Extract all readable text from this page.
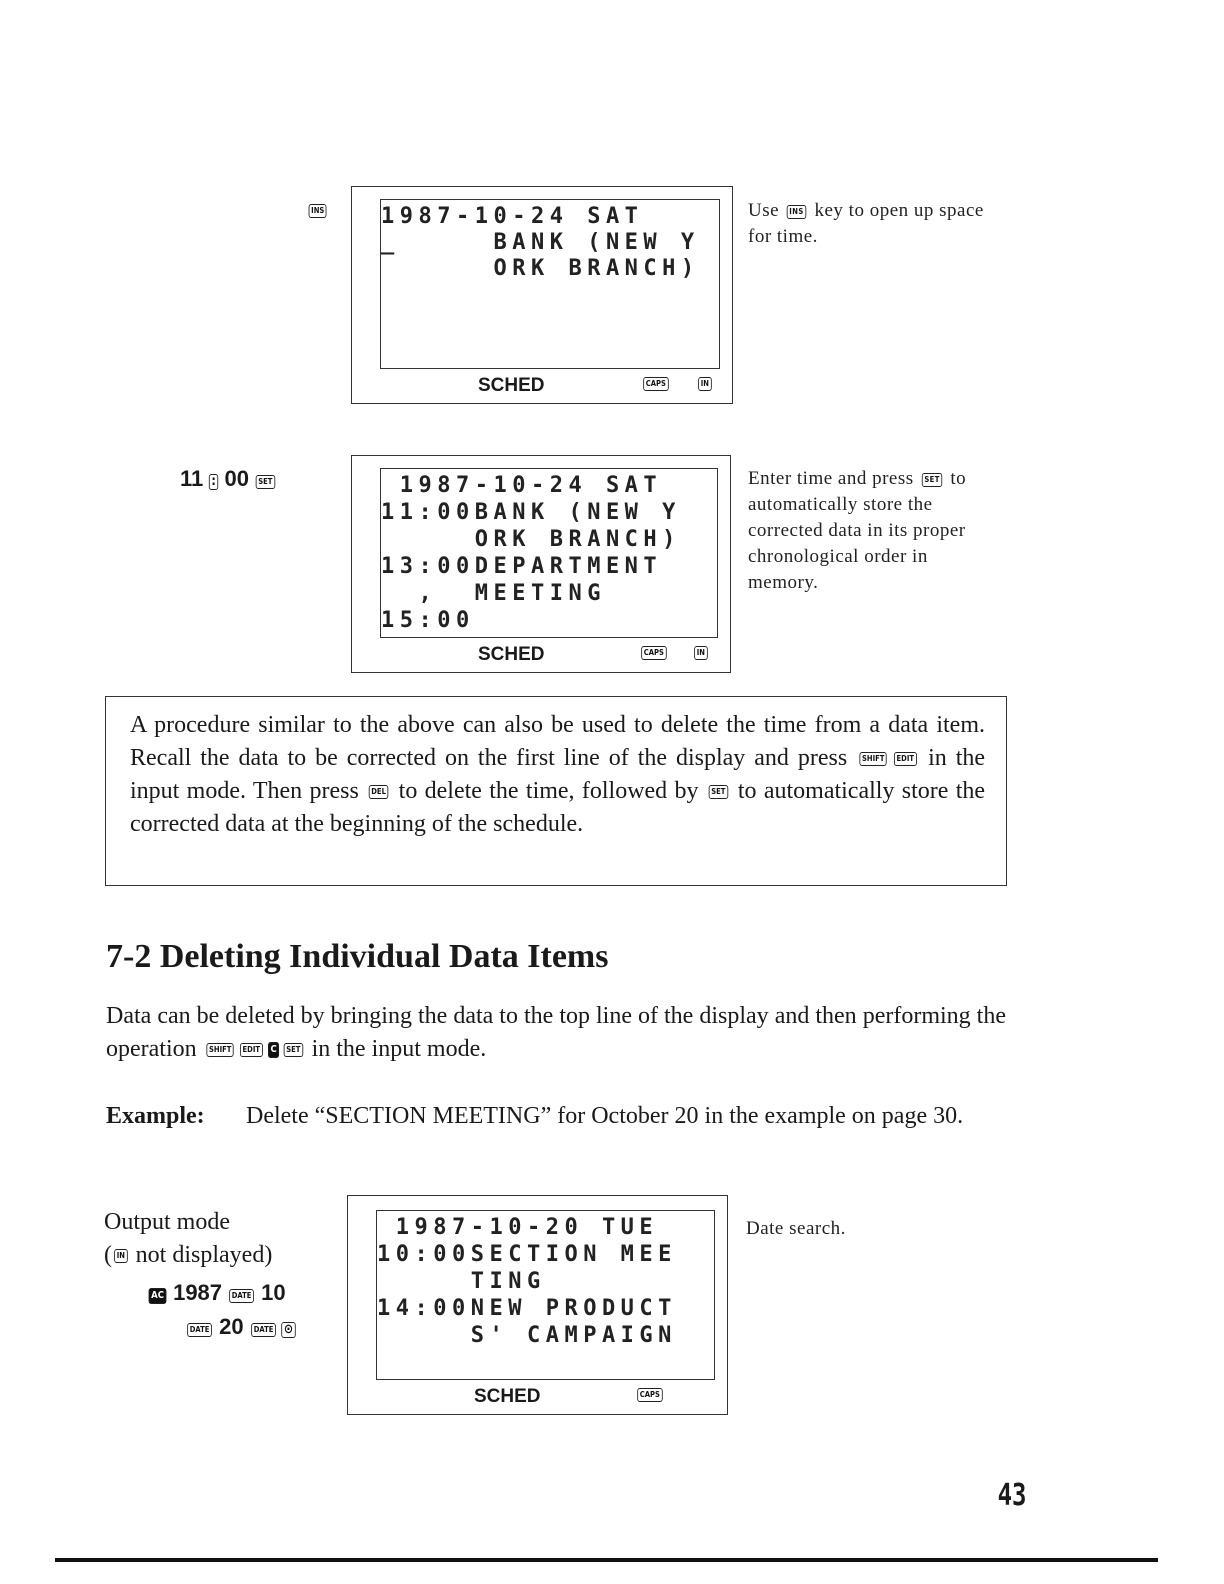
INS	1987-10-24 SAT
_     BANK (NEW Y
ORK BRANCH)
SCHED	CAPS	IN
Use INS key to open up space for time.
11 : 00 SET	1987-10-24 SAT
11:00BANK (NEW Y
ORK BRANCH)
13:00DEPARTMENT
,  MEETING
15:00
SCHED	CAPS	IN
Enter time and press SET to automatically store the corrected data in its proper chronological order in memory.
A procedure similar to the above can also be used to delete the time from a data item. Recall the data to be corrected on the first line of the display and press SHIFT EDIT in the input mode. Then press DEL to delete the time, followed by SET to automatically store the corrected data at the beginning of the schedule.
7-2 Deleting Individual Data Items
Data can be deleted by bringing the data to the top line of the display and then performing the operation SHIFT EDIT C SET in the input mode.
Example: Delete “SECTION MEETING” for October 20 in the example on page 30.
Output mode
( IN not displayed)
AC 1987 DATE 10
DATE 20 DATE ⊙
1987-10-20 TUE
10:00SECTION MEE
TING
14:00NEW PRODUCT
S' CAMPAIGN
SCHED	CAPS
Date search.
43
